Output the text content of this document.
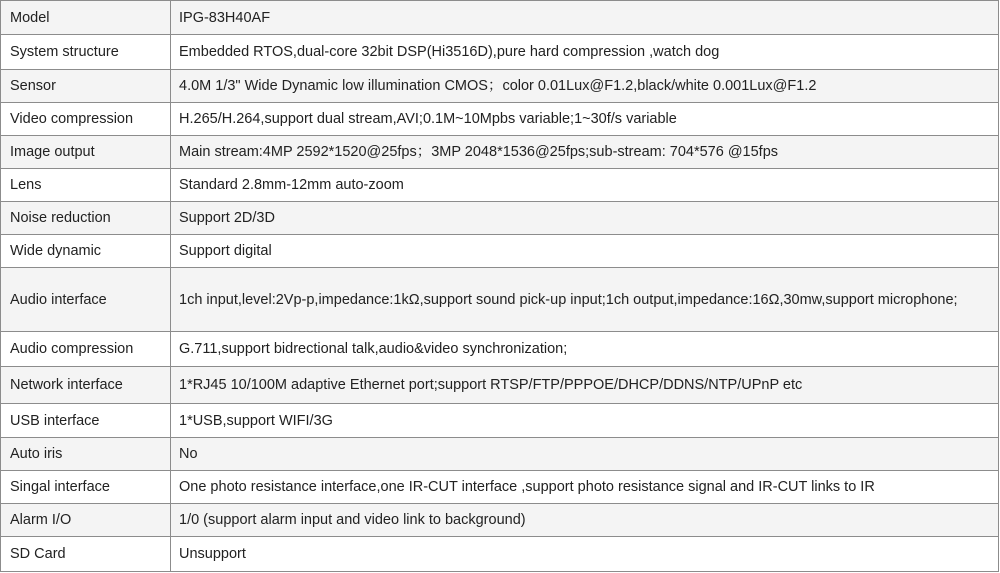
Model	IPG-83H40AF
System structure	Embedded RTOS,dual-core 32bit DSP(Hi3516D),pure hard compression ,watch dog
Sensor	4.0M 1/3" Wide Dynamic low illumination CMOS；color 0.01Lux@F1.2,black/white 0.001Lux@F1.2
Video compression	H.265/H.264,support dual stream,AVI;0.1M~10Mpbs variable;1~30f/s variable
Image output	Main stream:4MP 2592*1520@25fps；3MP 2048*1536@25fps;sub-stream: 704*576 @15fps
Lens	Standard 2.8mm-12mm auto-zoom
Noise reduction	Support 2D/3D
Wide dynamic	Support digital
Audio interface	1ch input,level:2Vp-p,impedance:1kΩ,support sound pick-up input;1ch output,impedance:16Ω,30mw,support microphone;
Audio compression	G.711,support bidrectional talk,audio&video synchronization;
Network interface	1*RJ45 10/100M adaptive Ethernet port;support RTSP/FTP/PPPOE/DHCP/DDNS/NTP/UPnP etc
USB interface	1*USB,support WIFI/3G
Auto iris	No
Singal interface	One photo resistance interface,one IR-CUT interface ,support photo resistance signal and IR-CUT links to IR
Alarm I/O	1/0 (support alarm input and video link to background)
SD Card	Unsupport
